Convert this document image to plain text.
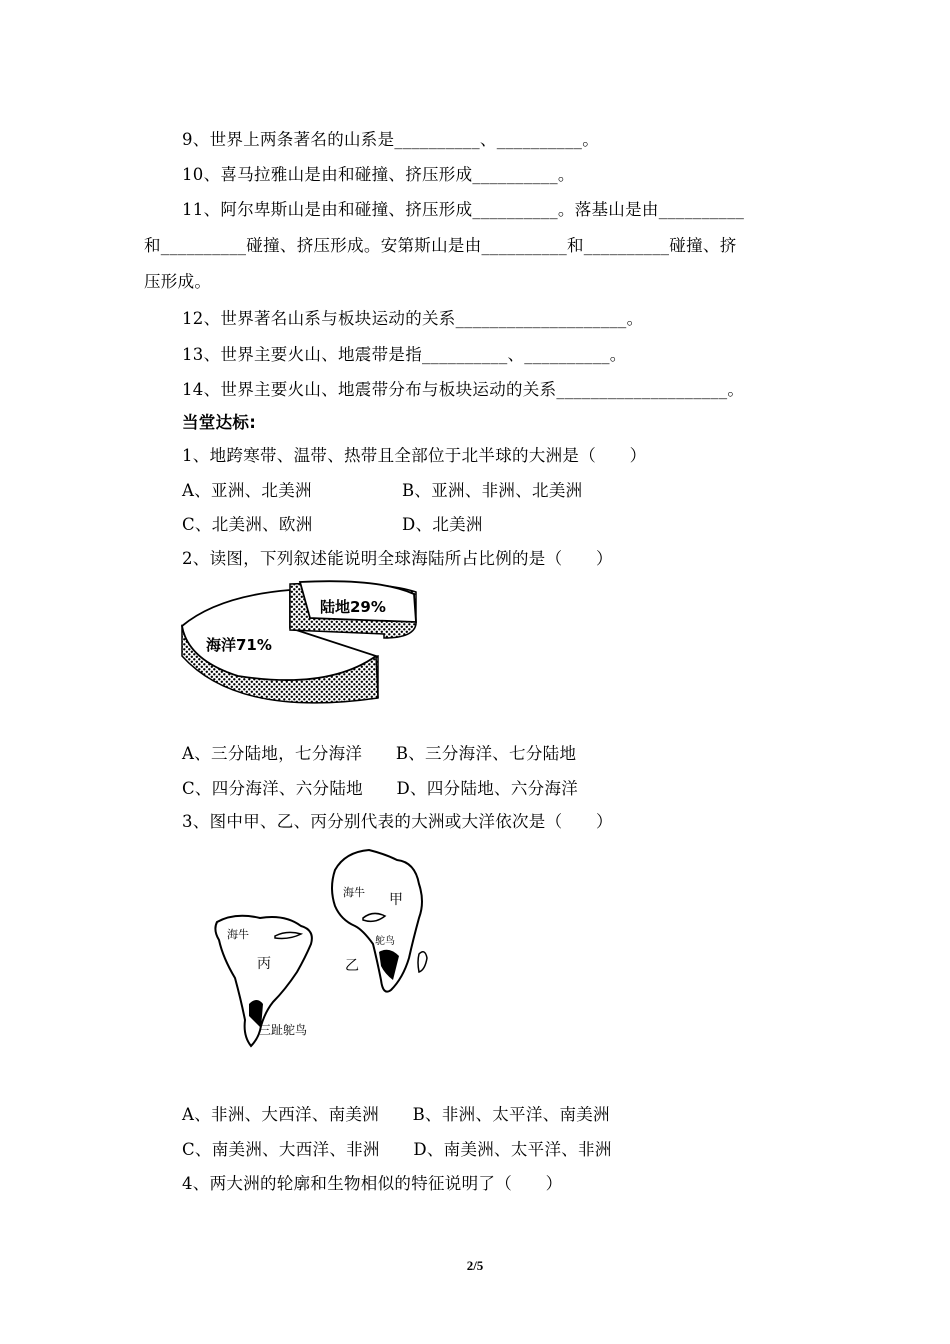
9、世界上两条著名的山系是__________、__________。
10、喜马拉雅山是由和碰撞、挤压形成__________。
11、阿尔卑斯山是由和碰撞、挤压形成__________。落基山是由__________
和__________碰撞、挤压形成。安第斯山是由__________和__________碰撞、挤
压形成。
12、世界著名山系与板块运动的关系____________________。
13、世界主要火山、地震带是指__________、__________。
14、世界主要火山、地震带分布与板块运动的关系____________________。
当堂达标:
1、地跨寒带、温带、热带且全部位于北半球的大洲是（　　）
A、亚洲、北美洲	B、亚洲、非洲、北美洲
C、北美洲、欧洲	D、北美洲
2、读图，下列叙述能说明全球海陆所占比例的是（　　）
陆地29%
海洋71%
A、三分陆地，七分海洋　　B、三分海洋、七分陆地
C、四分海洋、六分陆地　　D、四分陆地、六分海洋
3、图中甲、乙、丙分别代表的大洲或大洋依次是（　　）
甲
乙
丙
海牛
海牛
三趾鸵鸟
鸵鸟
A、非洲、大西洋、南美洲　　B、非洲、太平洋、南美洲
C、南美洲、大西洋、非洲　　D、南美洲、太平洋、非洲
4、两大洲的轮廓和生物相似的特征说明了（　　）
2/5
